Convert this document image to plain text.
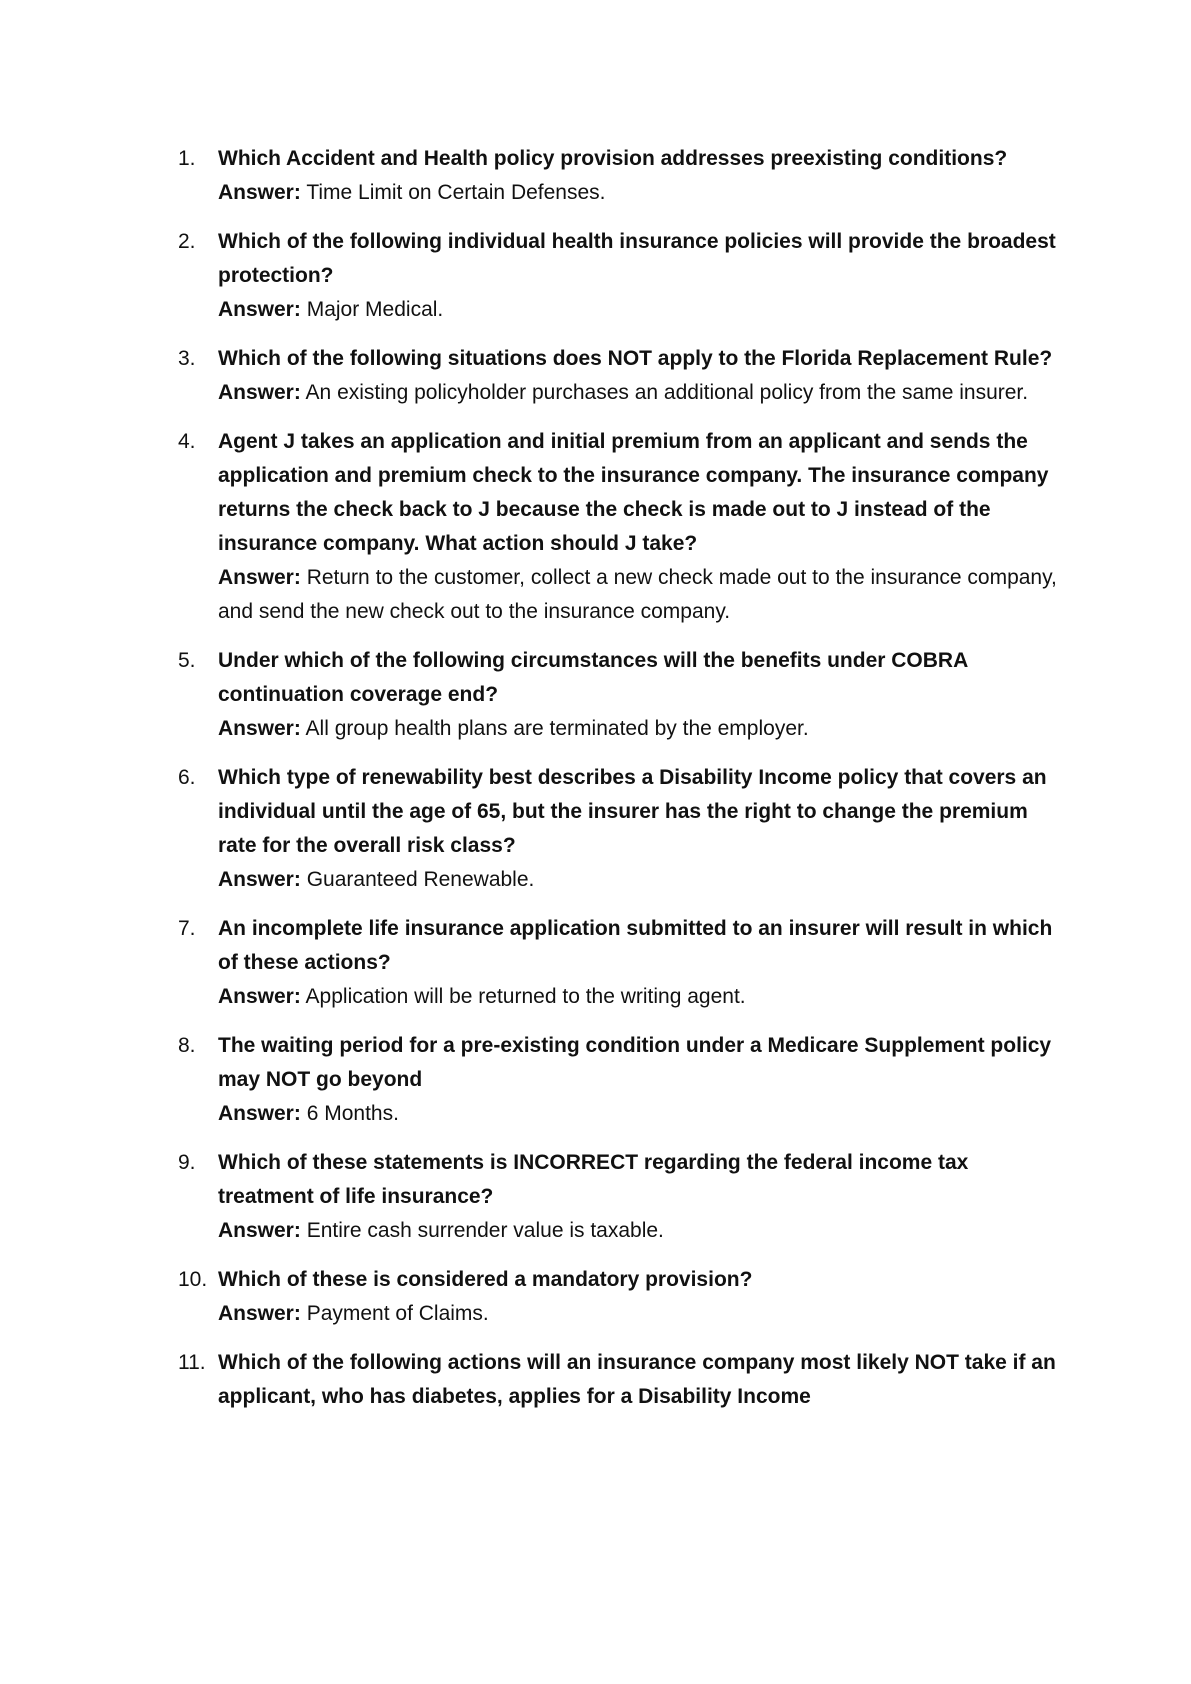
1.	Which Accident and Health policy provision addresses preexisting conditions?
Answer: Time Limit on Certain Defenses.
2.	Which of the following individual health insurance policies will provide the broadest protection?
Answer: Major Medical.
3.	Which of the following situations does NOT apply to the Florida Replacement Rule?
Answer: An existing policyholder purchases an additional policy from the same insurer.
4.	Agent J takes an application and initial premium from an applicant and sends the application and premium check to the insurance company. The insurance company returns the check back to J because the check is made out to J instead of the insurance company. What action should J take?
Answer: Return to the customer, collect a new check made out to the insurance company, and send the new check out to the insurance company.
5.	Under which of the following circumstances will the benefits under COBRA continuation coverage end?
Answer: All group health plans are terminated by the employer.
6.	Which type of renewability best describes a Disability Income policy that covers an individual until the age of 65, but the insurer has the right to change the premium rate for the overall risk class?
Answer: Guaranteed Renewable.
7.	An incomplete life insurance application submitted to an insurer will result in which of these actions?
Answer: Application will be returned to the writing agent.
8.	The waiting period for a pre-existing condition under a Medicare Supplement policy may NOT go beyond
Answer: 6 Months.
9.	Which of these statements is INCORRECT regarding the federal income tax treatment of life insurance?
Answer: Entire cash surrender value is taxable.
10. Which of these is considered a mandatory provision?
Answer: Payment of Claims.
11. Which of the following actions will an insurance company most likely NOT take if an applicant, who has diabetes, applies for a Disability Income
